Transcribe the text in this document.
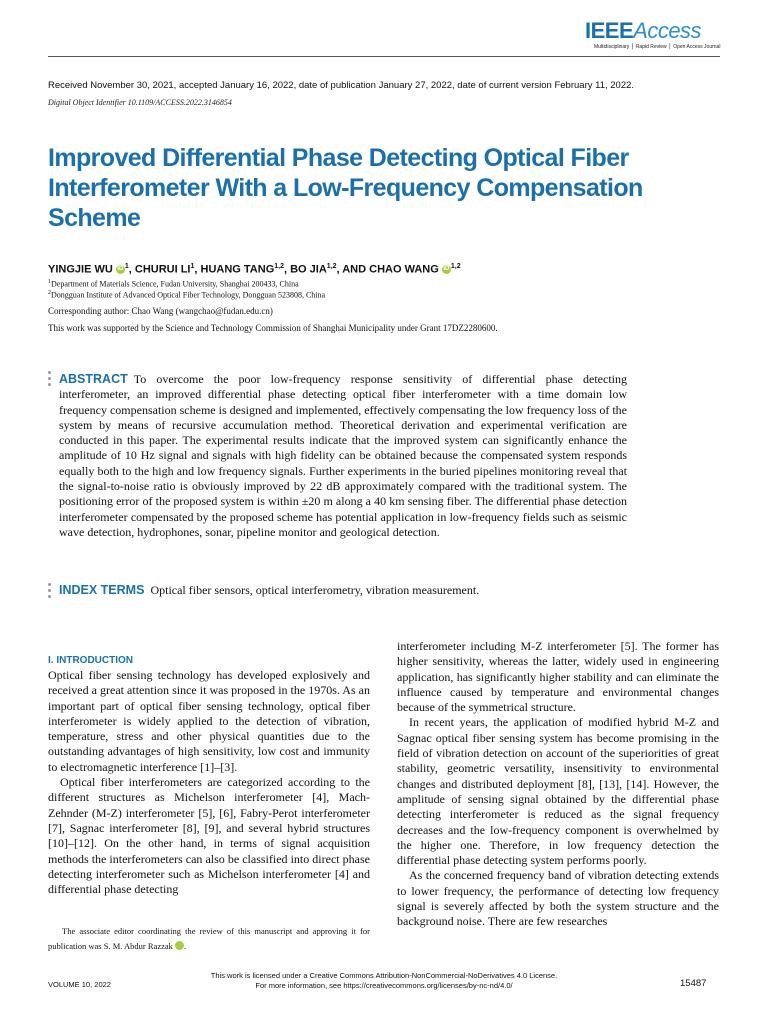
IEEEAccess
Multidisciplinary ⎪ Rapid Review ⎪ Open Access Journal
Received November 30, 2021, accepted January 16, 2022, date of publication January 27, 2022, date of current version February 11, 2022.
Digital Object Identifier 10.1109/ACCESS.2022.3146854
Improved Differential Phase Detecting Optical Fiber Interferometer With a Low-Frequency Compensation Scheme
YINGJIE WU iD $^1$, CHURUI $LI^1$, HUANG TANG$^{1,2}$, BO JIA$^{1,2}$, AND CHAO WANG iD $^{1,2}$
$^1$Department of Materials Science, Fudan University, Shanghai 200433, China
$^2$Dongguan Institute of Advanced Optical Fiber Technology, Dongguan 523808, China
Corresponding author: Chao Wang (wangchao@fudan.edu.cn)
This work was supported by the Science and Technology Commission of Shanghai Municipality under Grant 17DZ2280600.
ABSTRACT To overcome the poor low-frequency response sensitivity of differential phase detecting interferometer, an improved differential phase detecting optical fiber interferometer with a time domain low frequency compensation scheme is designed and implemented, effectively compensating the low frequency loss of the system by means of recursive accumulation method. Theoretical derivation and experimental verification are conducted in this paper. The experimental results indicate that the improved system can significantly enhance the amplitude of 10 Hz signal and signals with high fidelity can be obtained because the compensated system responds equally both to the high and low frequency signals. Further experiments in the buried pipelines monitoring reveal that the signal-to-noise ratio is obviously improved by 22 dB approximately compared with the traditional system. The positioning error of the proposed system is within ±20 m along a 40 km sensing fiber. The differential phase detection interferometer compensated by the proposed scheme has potential application in low-frequency fields such as seismic wave detection, hydrophones, sonar, pipeline monitor and geological detection.
INDEX TERMS Optical fiber sensors, optical interferometry, vibration measurement.
I. INTRODUCTION

Optical fiber sensing technology has developed explosively and received a great attention since it was proposed in the 1970s. As an important part of optical fiber sensing technology, optical fiber interferometer is widely applied to the detection of vibration, temperature, stress and other physical quantities due to the outstanding advantages of high sensitivity, low cost and immunity to electromagnetic interference [1]–[3].

Optical fiber interferometers are categorized according to the different structures as Michelson interferometer [4], Mach-Zehnder (M-Z) interferometer [5], [6], Fabry-Perot interferometer [7], Sagnac interferometer [8], [9], and several hybrid structures [10]–[12]. On the other hand, in terms of signal acquisition methods the interferometers can also be classified into direct phase detecting interferometer such as Michelson interferometer [4] and differential phase detecting

interferometer including M-Z interferometer [5]. The former has higher sensitivity, whereas the latter, widely used in engineering application, has significantly higher stability and can eliminate the influence caused by temperature and environmental changes because of the symmetrical structure.

In recent years, the application of modified hybrid M-Z and Sagnac optical fiber sensing system has become promising in the field of vibration detection on account of the superiorities of great stability, geometric versatility, insensitivity to environmental changes and distributed deployment [8], [13], [14]. However, the amplitude of sensing signal obtained by the differential phase detecting interferometer is reduced as the signal frequency decreases and the low-frequency component is overwhelmed by the higher one. Therefore, in low frequency detection the differential phase detecting system performs poorly.

As the concerned frequency band of vibration detecting extends to lower frequency, the performance of detecting low frequency signal is severely affected by both the system structure and the background noise. There are few researches

The associate editor coordinating the review of this manuscript and approving it for publication was S. M. Abdur Razzak	iD.

This work is licensed under a Creative Commons Attribution-NonCommercial-NoDerivatives 4.0 License.
For more information, see https://creativecommons.org/licenses/by-nc-nd/4.0/
VOLUME 10, 2022	15487
